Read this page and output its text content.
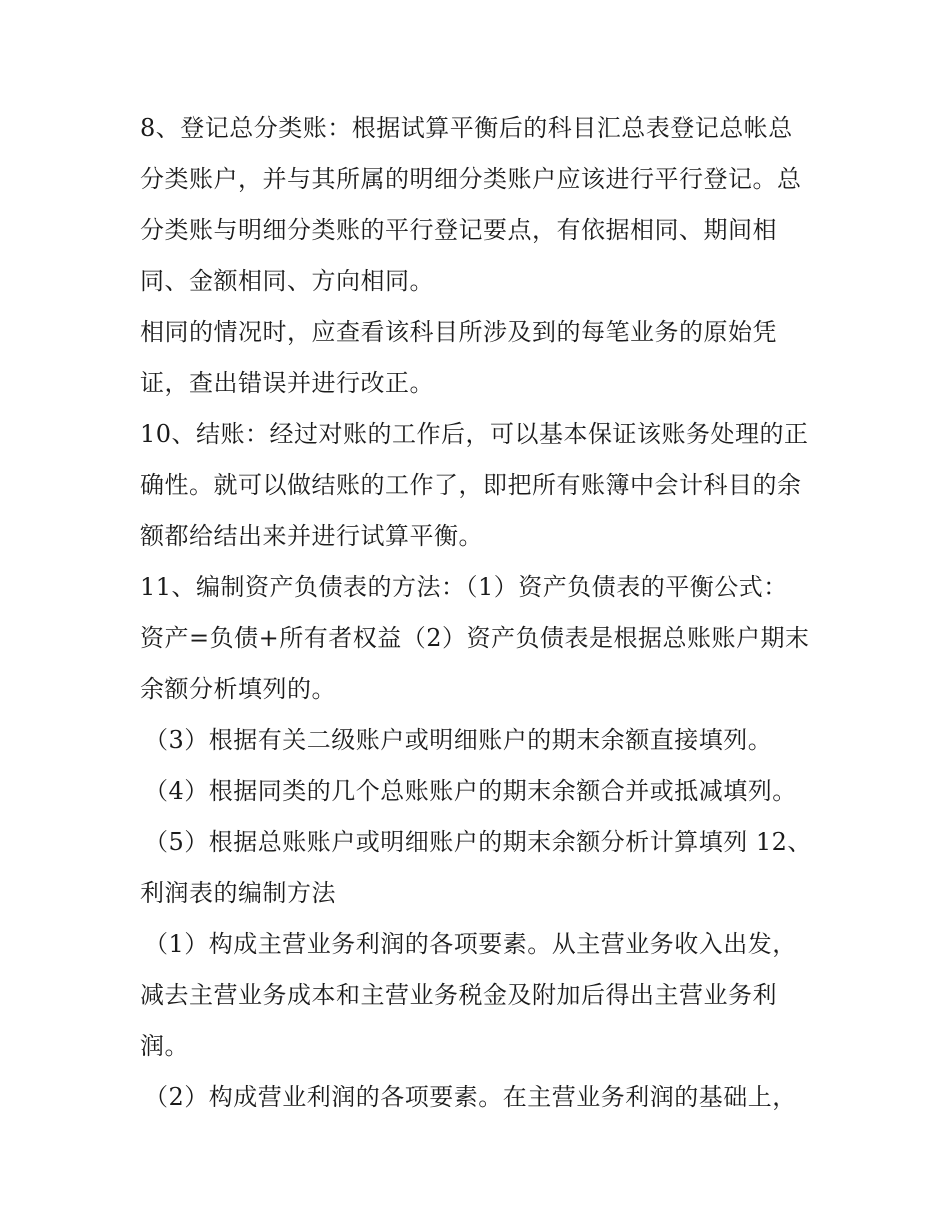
8、登记总分类账：根据试算平衡后的科目汇总表登记总帐总
分类账户，并与其所属的明细分类账户应该进行平行登记。总
分类账与明细分类账的平行登记要点，有依据相同、期间相
同、金额相同、方向相同。
相同的情况时，应查看该科目所涉及到的每笔业务的原始凭
证，查出错误并进行改正。
10、结账：经过对账的工作后，可以基本保证该账务处理的正
确性。就可以做结账的工作了，即把所有账簿中会计科目的余
额都给结出来并进行试算平衡。
11、编制资产负债表的方法：（1）资产负债表的平衡公式：
资产=负债+所有者权益（2）资产负债表是根据总账账户期末
余额分析填列的。
（3）根据有关二级账户或明细账户的期末余额直接填列。
（4）根据同类的几个总账账户的期末余额合并或抵减填列。
（5）根据总账账户或明细账户的期末余额分析计算填列 12、
利润表的编制方法
（1）构成主营业务利润的各项要素。从主营业务收入出发，
减去主营业务成本和主营业务税金及附加后得出主营业务利
润。
（2）构成营业利润的各项要素。在主营业务利润的基础上，
